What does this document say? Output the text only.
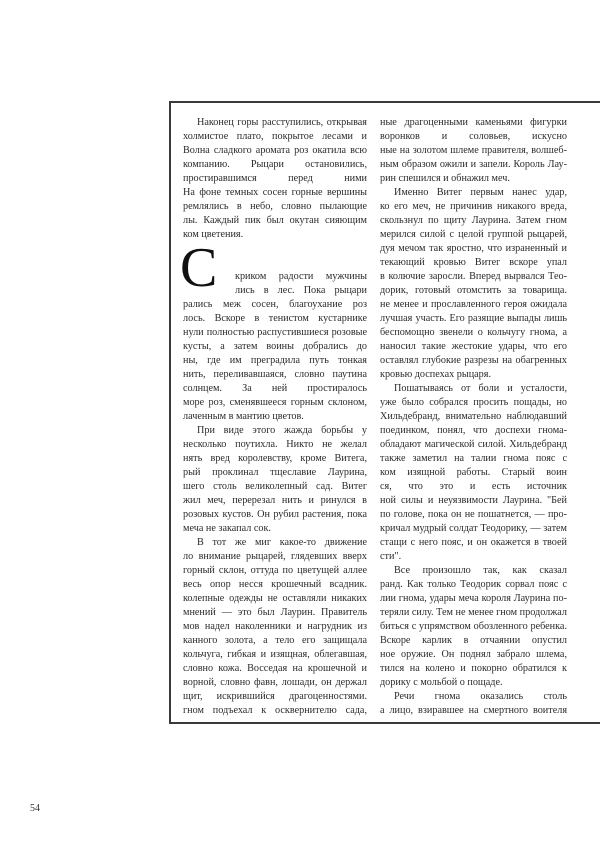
С
Наконец горы расступились, открывая
холмистое плато, покрытое лесами и
Волна сладкого аромата роз окатила всю
компанию. Рыцари остановились,
простиравшимся перед ними
На фоне темных сосен горные вершины
ремлялись в небо, словно пылающие
лы. Каждый пик был окутан сияющим
ком цветения.
криком радости мужчины
лись в лес. Пока рыцари
рались меж сосен, благоухание роз
лось. Вскоре в тенистом кустарнике
нули полностью распустившиеся розовые
кусты, а затем воины добрались до
ны, где им преградила путь тонкая
нить, переливавшаяся, словно паутина
солнцем. За ней простиралось
море роз, сменявшееся горным склоном,
лаченным в мантию цветов.
При виде этого жажда борьбы у
несколько поутихла. Никто не желал
нять вред королевству, кроме Витега,
рый проклинал тщеславие Лаурина,
шего столь великолепный сад. Витег
жил меч, перерезал нить и ринулся в
розовых кустов. Он рубил растения, пока
меча не закапал сок.
В тот же миг какое-то движение
ло внимание рыцарей, глядевших вверх
горный склон, оттуда по цветущей аллее
весь опор несся крошечный всадник.
колепные одежды не оставляли никаких
мнений — это был Лаурин. Правитель
мов надел наколенники и нагрудник из
канного золота, а тело его защищала
кольчуга, гибкая и изящная, облегавшая,
словно кожа. Восседая на крошечной и
ворной, словно фавн, лошади, он держал
щит, искрившийся драгоценностями.
гном подъехал к осквернителю сада,
ные драгоценными каменьями фигурки
воронков и соловьев, искусно
ные на золотом шлеме правителя, волшеб-
ным образом ожили и запели. Король Лау-
рин спешился и обнажил меч.
Именно Витег первым нанес удар,
ко его меч, не причинив никакого вреда,
скользнул по щиту Лаурина. Затем гном
мерился силой с целой группой рыцарей,
дуя мечом так яростно, что израненный и
текающий кровью Витег вскоре упал
в колючие заросли. Вперед вырвался Тео-
дорик, готовый отомстить за товарища.
не менее и прославленного героя ожидала
лучшая участь. Его разящие выпады лишь
беспомощно звенели о кольчугу гнома, а
наносил такие жестокие удары, что его
оставлял глубокие разрезы на обагренных
кровью доспехах рыцаря.
Пошатываясь от боли и усталости,
уже было собрался просить пощады, но
Хильдебранд, внимательно наблюдавший
поединком, понял, что доспехи гнома-
обладают магической силой. Хильдебранд
также заметил на талии гнома пояс с
ком изящной работы. Старый воин
ся, что это и есть источник
ной силы и неуязвимости Лаурина. "Бей
по голове, пока он не пошатнется, — про-
кричал мудрый солдат Теодорику, — затем
стащи с него пояс, и он окажется в твоей
сти".
Все произошло так, как сказал
ранд. Как только Теодорик сорвал пояс с
лии гнома, удары меча короля Лаурина по-
теряли силу. Тем не менее гном продолжал
биться с упрямством обозленного ребенка.
Вскоре карлик в отчаянии опустил
ное оружие. Он поднял забрало шлема,
тился на колено и покорно обратился к
дорику с мольбой о пощаде.
Речи гнома оказались столь
а лицо, взиравшее на смертного воителя
54
